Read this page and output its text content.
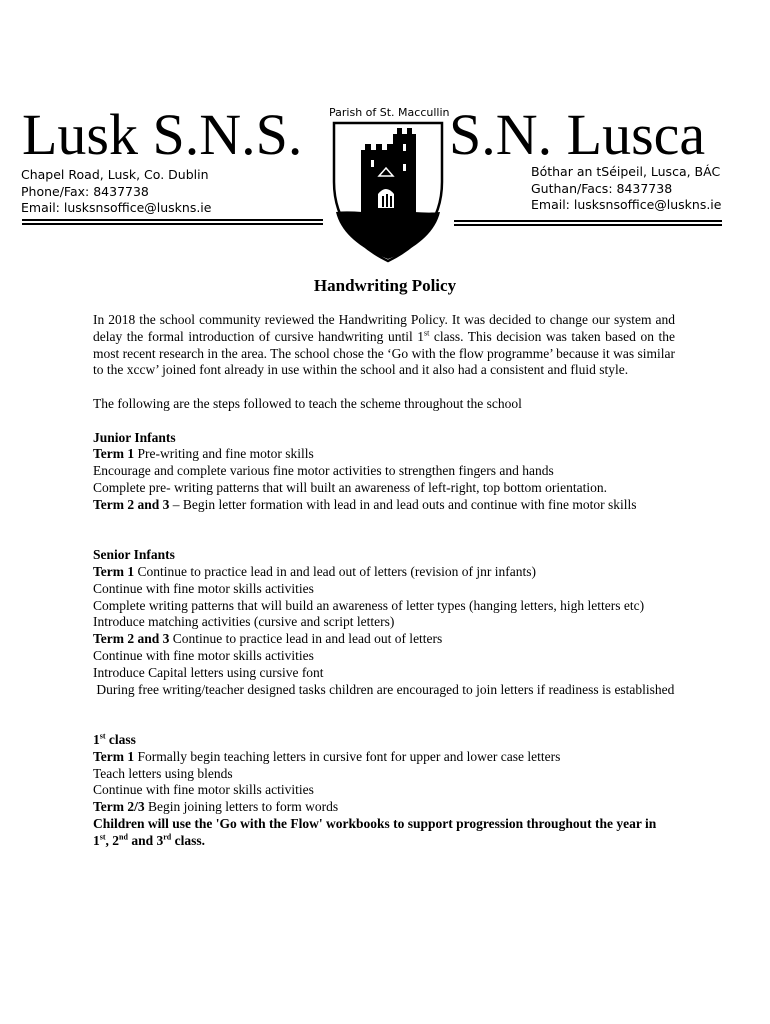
Lusk S.N.S.	S.N. Lusca
Parish of St. Maccullin
Chapel Road, Lusk, Co. Dublin
Phone/Fax: 8437738
Email: lusksnsoffice@luskns.ie
Bóthar an tSéipeil, Lusca, BÁC
Guthan/Facs: 8437738
Email: lusksnsoffice@luskns.ie
Handwriting Policy

In 2018 the school community reviewed the Handwriting Policy. It was decided to change our system and delay the formal introduction of cursive handwriting until 1st class. This decision was taken based on the most recent research in the area. The school chose the ‘Go with the flow programme’ because it was similar to the xccw’ joined font already in use within the school and it also had a consistent and fluid style.

The following are the steps followed to teach the scheme throughout the school

Junior Infants

Term 1 Pre-writing and fine motor skills

Encourage and complete various fine motor activities to strengthen fingers and hands

Complete pre- writing patterns that will built an awareness of left-right, top bottom orientation.

Term 2 and 3 – Begin letter formation with lead in and lead outs and continue with fine motor skills

Senior Infants

Term 1 Continue to practice lead in and lead out of letters (revision of jnr infants)

Continue with fine motor skills activities

Complete writing patterns that will build an awareness of letter types (hanging letters, high letters etc)

Introduce matching activities (cursive and script letters)

Term 2 and 3 Continue to practice lead in and lead out of letters

Continue with fine motor skills activities

Introduce Capital letters using cursive font

During free writing/teacher designed tasks children are encouraged to join letters if readiness is established

1st class

Term 1 Formally begin teaching letters in cursive font for upper and lower case letters

Teach letters using blends

Continue with fine motor skills activities

Term 2/3 Begin joining letters to form words

Children will use the 'Go with the Flow' workbooks to support progression throughout the year in 1st, 2nd and 3rd class.
